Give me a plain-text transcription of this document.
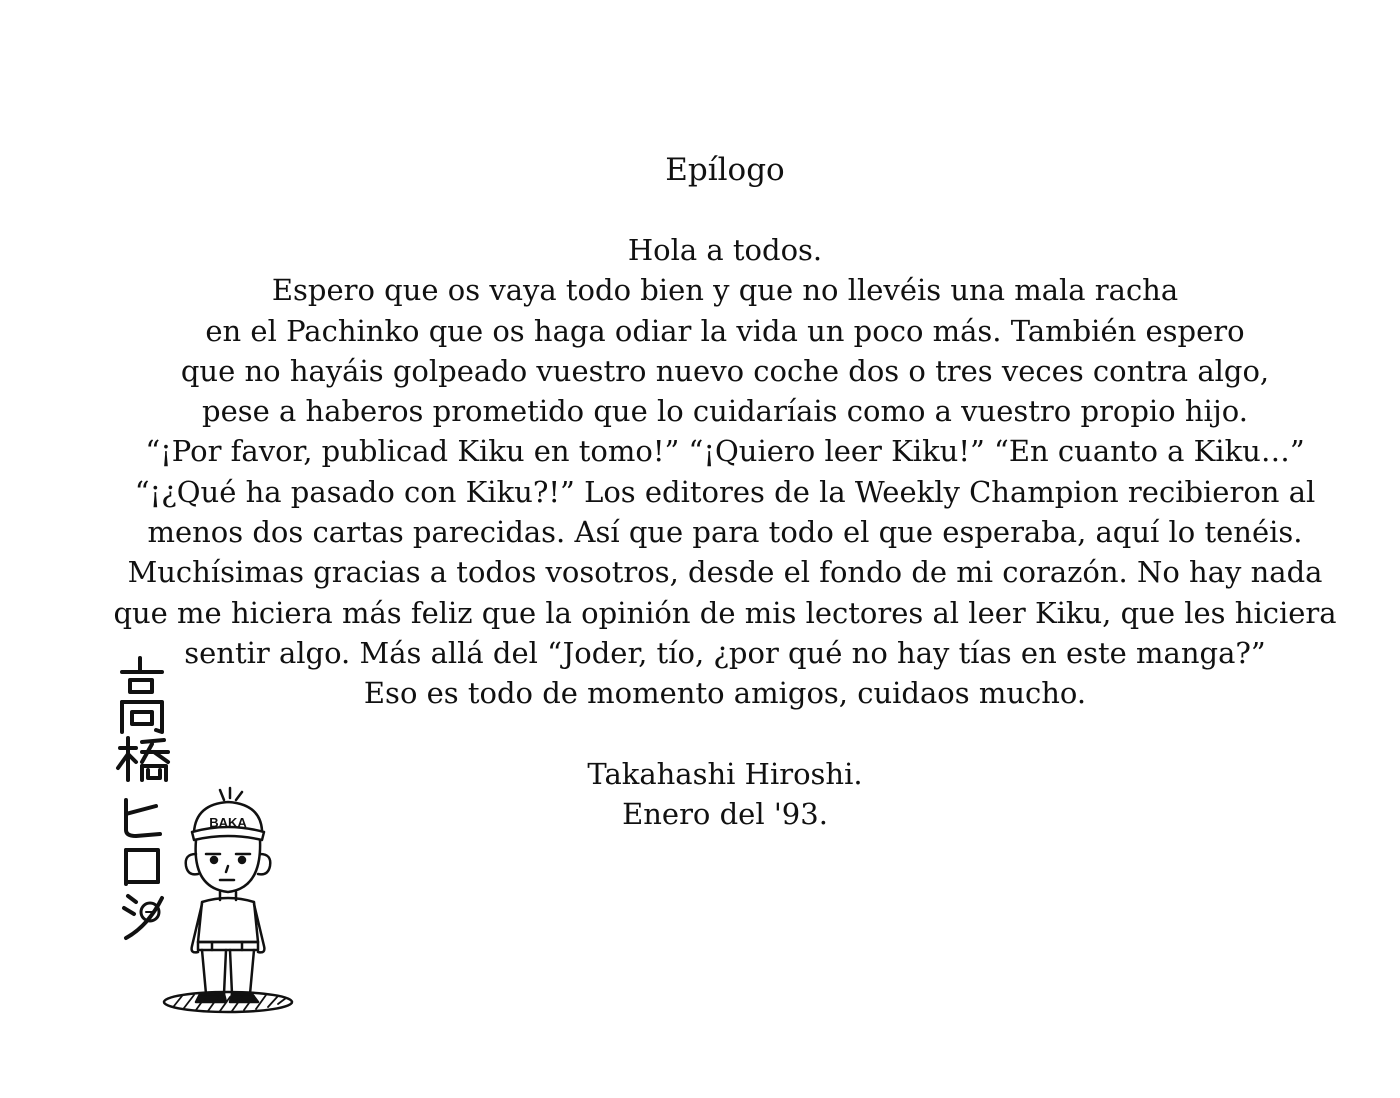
Epílogo

Hola a todos.

Espero que os vaya todo bien y que no llevéis una mala racha

en el Pachinko que os haga odiar la vida un poco más. También espero

que no hayáis golpeado vuestro nuevo coche dos o tres veces contra algo,

pese a haberos prometido que lo cuidaríais como a vuestro propio hijo.

“¡Por favor, publicad Kiku en tomo!” “¡Quiero leer Kiku!” “En cuanto a Kiku…”

“¡¿Qué ha pasado con Kiku?!” Los editores de la Weekly Champion recibieron al

menos dos cartas parecidas. Así que para todo el que esperaba, aquí lo tenéis.

Muchísimas gracias a todos vosotros, desde el fondo de mi corazón. No hay nada

que me hiciera más feliz que la opinión de mis lectores al leer Kiku, que les hiciera

sentir algo. Más allá del “Joder, tío, ¿por qué no hay tías en este manga?”

Eso es todo de momento amigos, cuidaos mucho.

Takahashi Hiroshi.

Enero del '93.

BAKA
